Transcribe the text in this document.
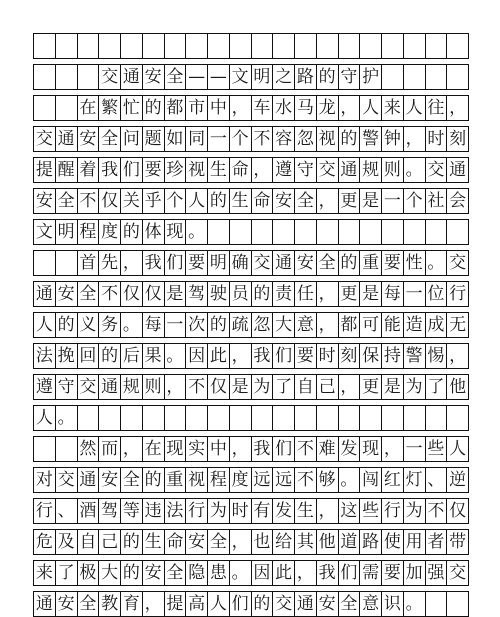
交 通 安 全 — — 文 明 之 路 的 守 护

在 繁 忙 的 都 市 中 ， 车 水 马 龙 ， 人 来 人 往 ，
交 通 安 全 问 题 如 同 一 个 不 容 忽 视 的 警 钟 ， 时 刻
提 醒 着 我 们 要 珍 视 生 命 ， 遵 守 交 通 规 则 。 交 通
安 全 不 仅 关 乎 个 人 的 生 命 安 全 ， 更 是 一 个 社 会
文 明 程 度 的 体 现 。

首 先 ， 我 们 要 明 确 交 通 安 全 的 重 要 性 。 交
通 安 全 不 仅 仅 是 驾 驶 员 的 责 任 ， 更 是 每 一 位 行
人 的 义 务 。 每 一 次 的 疏 忽 大 意 ， 都 可 能 造 成 无
法 挽 回 的 后 果 。 因 此 ， 我 们 要 时 刻 保 持 警 惕 ，
遵 守 交 通 规 则 ， 不 仅 是 为 了 自 己 ， 更 是 为 了 他
人 。

然 而 ， 在 现 实 中 ， 我 们 不 难 发 现 ， 一 些 人
对 交 通 安 全 的 重 视 程 度 远 远 不 够 。 闯 红 灯 、 逆
行 、 酒 驾 等 违 法 行 为 时 有 发 生 ， 这 些 行 为 不 仅
危 及 自 己 的 生 命 安 全 ， 也 给 其 他 道 路 使 用 者 带
来 了 极 大 的 安 全 隐 患 。 因 此 ， 我 们 需 要 加 强 交
通 安 全 教 育 ， 提 高 人 们 的 交 通 安 全 意 识 。
